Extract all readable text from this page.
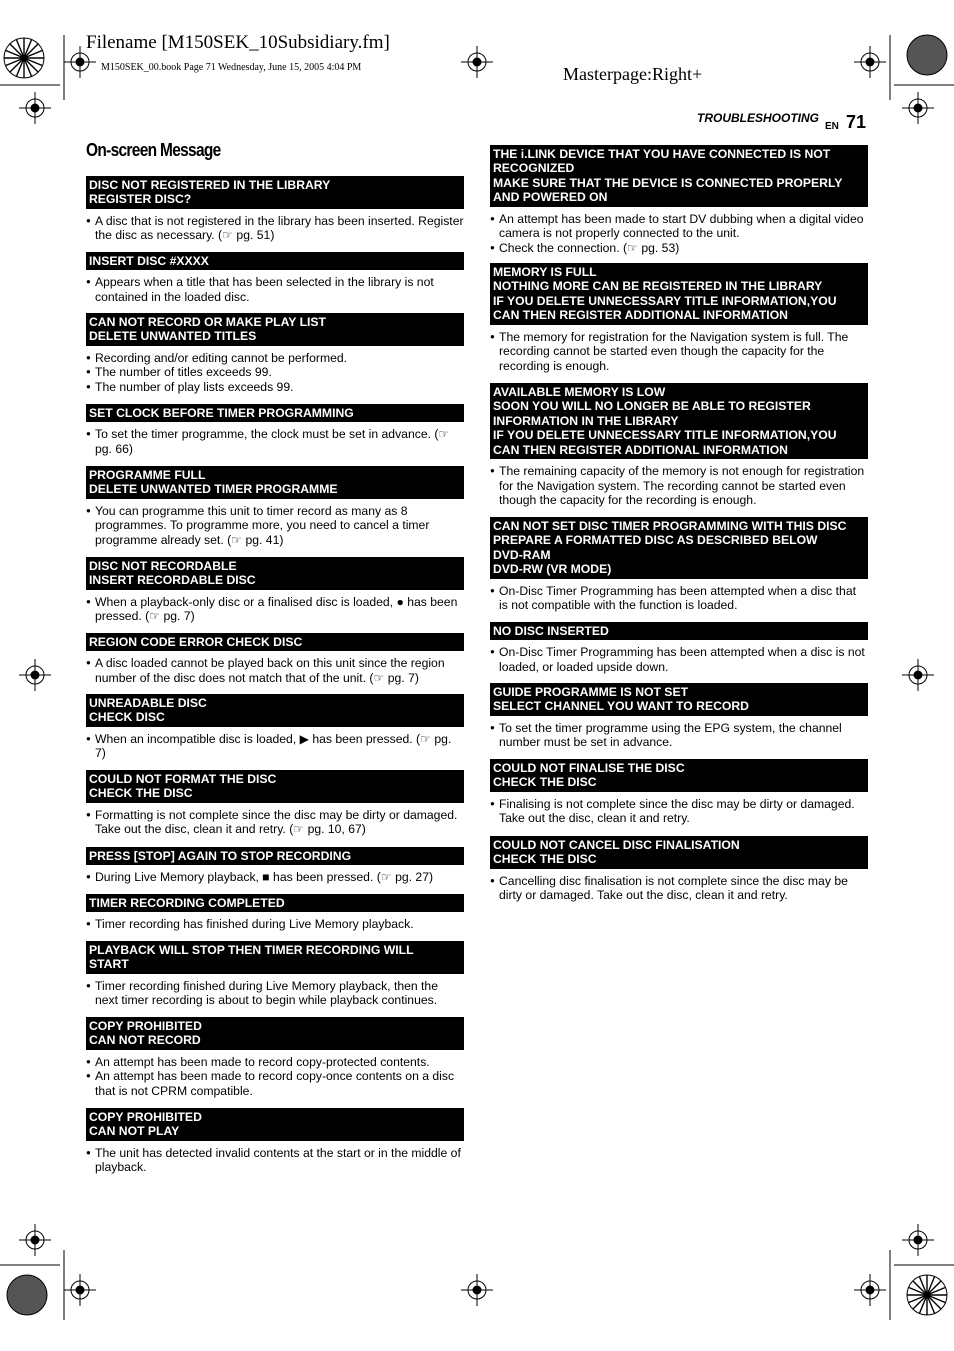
Filename [M150SEK_10Subsidiary.fm]
M150SEK_00.book Page 71 Wednesday, June 15, 2005 4:04 PM	Masterpage:Right+
TROUBLESHOOTING
EN 71
On-screen Message
DISC NOT REGISTERED IN THE LIBRARY
REGISTER DISC?
● A disc that is not registered in the library has been inserted. Register the disc as necessary. (☞ pg. 51)
INSERT DISC #XXXX
● Appears when a title that has been selected in the library is not contained in the loaded disc.
CAN NOT RECORD OR MAKE PLAY LIST
DELETE UNWANTED TITLES
● Recording and/or editing cannot be performed.
● The number of titles exceeds 99.
● The number of play lists exceeds 99.
SET CLOCK BEFORE TIMER PROGRAMMING
● To set the timer programme, the clock must be set in advance. (☞ pg. 66)
PROGRAMME FULL
DELETE UNWANTED TIMER PROGRAMME
● You can programme this unit to timer record as many as 8 programmes. To programme more, you need to cancel a timer programme already set. (☞ pg. 41)
DISC NOT RECORDABLE
INSERT RECORDABLE DISC
● When a playback-only disc or a finalised disc is loaded, ● has been pressed. (☞ pg. 7)
REGION CODE ERROR CHECK DISC
● A disc loaded cannot be played back on this unit since the region number of the disc does not match that of the unit. (☞ pg. 7)
UNREADABLE DISC
CHECK DISC
● When an incompatible disc is loaded, ▶ has been pressed. (☞ pg. 7)
COULD NOT FORMAT THE DISC
CHECK THE DISC
● Formatting is not complete since the disc may be dirty or damaged. Take out the disc, clean it and retry. (☞ pg. 10, 67)
PRESS [STOP] AGAIN TO STOP RECORDING
● During Live Memory playback, ■ has been pressed. (☞ pg. 27)
TIMER RECORDING COMPLETED
● Timer recording has finished during Live Memory playback.
PLAYBACK WILL STOP THEN TIMER RECORDING WILL
START
● Timer recording finished during Live Memory playback, then the next timer recording is about to begin while playback continues.
COPY PROHIBITED
CAN NOT RECORD
● An attempt has been made to record copy-protected contents.
● An attempt has been made to record copy-once contents on a disc that is not CPRM compatible.
COPY PROHIBITED
CAN NOT PLAY
● The unit has detected invalid contents at the start or in the middle of playback.
THE i.LINK DEVICE THAT YOU HAVE CONNECTED IS NOT
RECOGNIZED
MAKE SURE THAT THE DEVICE IS CONNECTED PROPERLY
AND POWERED ON
● An attempt has been made to start DV dubbing when a digital video camera is not properly connected to the unit.
● Check the connection. (☞ pg. 53)
MEMORY IS FULL
NOTHING MORE CAN BE REGISTERED IN THE LIBRARY
IF YOU DELETE UNNECESSARY TITLE INFORMATION,YOU
CAN THEN REGISTER ADDITIONAL INFORMATION
● The memory for registration for the Navigation system is full. The recording cannot be started even though the capacity for the recording is enough.
AVAILABLE MEMORY IS LOW
SOON YOU WILL NO LONGER BE ABLE TO REGISTER
INFORMATION IN THE LIBRARY
IF YOU DELETE UNNECESSARY TITLE INFORMATION,YOU
CAN THEN REGISTER ADDITIONAL INFORMATION
● The remaining capacity of the memory is not enough for registration for the Navigation system. The recording cannot be started even though the capacity for the recording is enough.
CAN NOT SET DISC TIMER PROGRAMMING WITH THIS DISC
PREPARE A FORMATTED DISC AS DESCRIBED BELOW
DVD-RAM
DVD-RW (VR MODE)
● On-Disc Timer Programming has been attempted when a disc that is not compatible with the function is loaded.
NO DISC INSERTED
● On-Disc Timer Programming has been attempted when a disc is not loaded, or loaded upside down.
GUIDE PROGRAMME IS NOT SET
SELECT CHANNEL YOU WANT TO RECORD
● To set the timer programme using the EPG system, the channel number must be set in advance.
COULD NOT FINALISE THE DISC
CHECK THE DISC
● Finalising is not complete since the disc may be dirty or damaged. Take out the disc, clean it and retry.
COULD NOT CANCEL DISC FINALISATION
CHECK THE DISC
● Cancelling disc finalisation is not complete since the disc may be dirty or damaged. Take out the disc, clean it and retry.
